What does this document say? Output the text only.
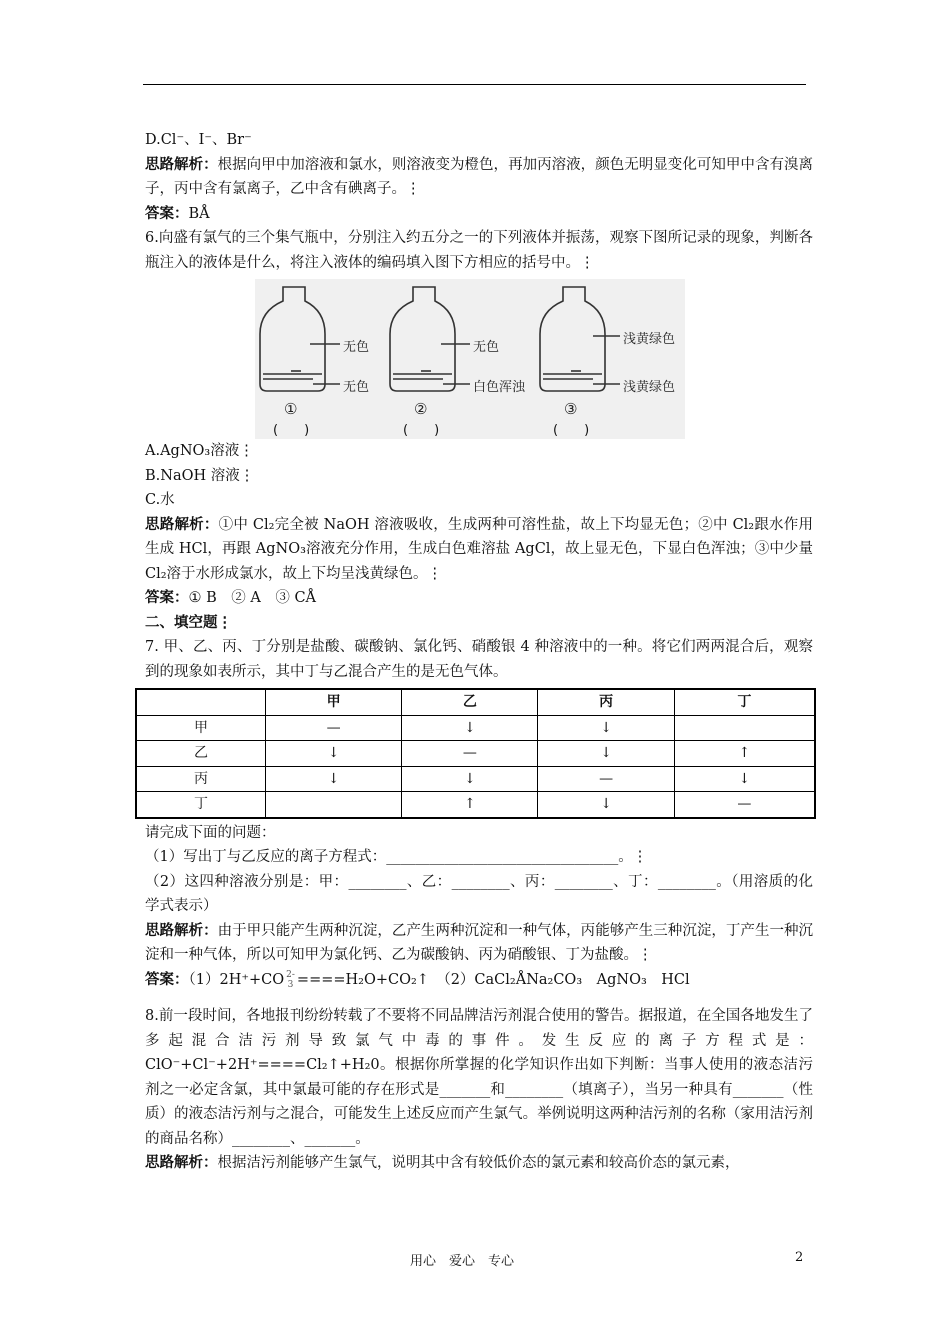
D.Cl⁻、I⁻、Br⁻

思路解析：根据向甲中加溶液和氯水，则溶液变为橙色，再加丙溶液，颜色无明显变化可知甲中含有溴离子，丙中含有氯离子，乙中含有碘离子。⋮

答案：BÅ

6.向盛有氯气的三个集气瓶中，分别注入约五分之一的下列液体并振荡，观察下图所记录的现象，判断各瓶注入的液体是什么，将注入液体的编码填入图下方相应的括号中。⋮

无色
无色
无色
白色浑浊
浅黄绿色
浅黄绿色
①	②	③
(　　)	(　　)	(　　)

A.AgNO₃溶液⋮

B.NaOH 溶液⋮

C.水

思路解析：①中 Cl₂完全被 NaOH 溶液吸收，生成两种可溶性盐，故上下均显无色；②中 Cl₂跟水作用生成 HCl，再跟 AgNO₃溶液充分作用，生成白色难溶盐 AgCl，故上显无色，下显白色浑浊；③中少量 Cl₂溶于水形成氯水，故上下均呈浅黄绿色。⋮

答案：① B　② A　③ CÅ

二、填空题⋮

7. 甲、乙、丙、丁分别是盐酸、碳酸钠、氯化钙、硝酸银 4 种溶液中的一种。将它们两两混合后，观察到的现象如表所示，其中丁与乙混合产生的是无色气体。

	甲	乙	丙	丁
甲	—	↓	↓	
乙	↓	—	↓	↑
丙	↓	↓	—	↓
丁		↑	↓	—

请完成下面的问题：

（1）写出丁与乙反应的离子方程式：________________________________。⋮

（2）这四种溶液分别是：甲：________、乙：________、丙：________、丁：________。（用溶质的化学式表示）

思路解析：由于甲只能产生两种沉淀，乙产生两种沉淀和一种气体，丙能够产生三种沉淀，丁产生一种沉淀和一种气体，所以可知甲为氯化钙、乙为碳酸钠、丙为硝酸银、丁为盐酸。⋮

答案：（1）2H⁺+CO 2-
3 ====H₂O+CO₂↑　（2）CaCl₂ÅNa₂CO₃　AgNO₃　HCl

8.前一段时间，各地报刊纷纷转载了不要将不同品牌洁污剂混合使用的警告。据报道，在全国各地发生了多起混合洁污剂导致氯气中毒的事件。发生反应的离子方程式是：ClO⁻+Cl⁻+2H⁺====Cl₂↑+H₂0。根据你所掌握的化学知识作出如下判断：当事人使用的液态洁污剂之一必定含氯，其中氯最可能的存在形式是_______和________（填离子），当另一种具有_______（性质）的液态洁污剂与之混合，可能发生上述反应而产生氯气。举例说明这两种洁污剂的名称（家用洁污剂的商品名称）________、_______。

思路解析：根据洁污剂能够产生氯气，说明其中含有较低价态的氯元素和较高价态的氯元素，

用心　爱心　专心	2
